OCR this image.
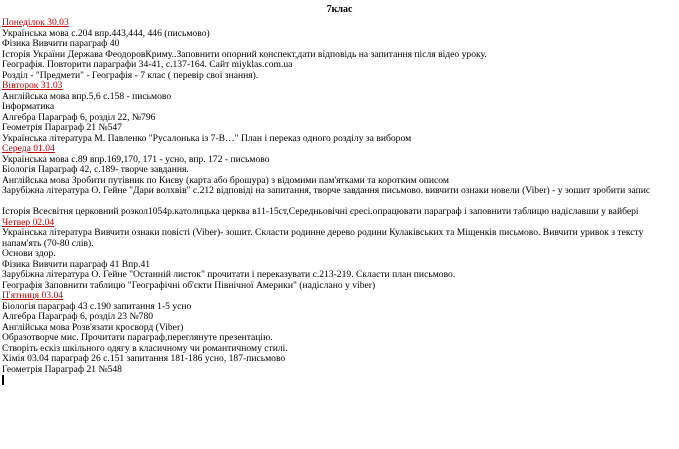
7клас
Понеділок 30.03
Українська мова с.204 впр.443,444, 446 (письмово)
Фізика Вивчити параграф 40
Історія України Держава ФеодоровКриму..Заповнити опорний конспект,дати відповідь на запитання після відео уроку.
Географія. Повторити параграфи 34-41, с.137-164. Сайт miyklas.com.ua
Розділ - "Предмети" - Географія - 7 клас ( перевір свої знання).
Вівторок 31.03
Англійська мова впр.5,6 с.158 - письмово
Інформатика
Алгебра Параграф 6, розділ 22, №796
Геометрія Параграф 21 №547
Українська література М. Павленко "Русалонька із 7-В…" План і переказ одного розділу за вибором
Середа 01.04
Українська мова с.89 впр.169,170, 171 - усно, впр. 172 - письмово
Біологія Параграф 42, с.189- творче завдання.
Англійська мова Зробити путівник по Києву (карта або брошура) з відомими пам'ятками та коротким описом
Зарубіжна література О. Гейне "Дари волхвів" с.212 відповіді на запитання, творче завдання письмово. вивчити ознаки новели (Viber) - у зошит зробити запис
Історія Всесвітня церковний розкол1054р.католицька церква в11-15ст,Середньовічні єресі.опрацювати параграф і заповнити таблицю надіславши у вайбері
Четвер 02.04
Українська література Вивчити ознаки повісті (Viber)- зошит. Скласти родинне дерево родини Кулаківських та Міщенків письмово. Вивчити уривок з тексту напам'ять (70-80 слів).
Основи здор.
Фізика Вивчити параграф 41 Впр.41
Зарубіжна література О. Гейне "Останній листок" прочитати і переказувати с.213-219. Скласти план письмово.
Географія Заповнити таблицю "Географічні об'єкти Північної Америки" (надіслано у viber)
П'ятниця 03.04
Біологія параграф 43 с.190 запитання 1-5 усно
Алгебра Параграф 6, розділ 23 №780
Англійська мова Розв'язати кросворд (Viber)
Образотворче мис. Прочитати параграф,переглянуте презентацію.
Створіть ескіз шкільного одягу в класичному чи романтичному стилі.
Хімія 03.04 параграф 26 с.151 запитання 181-186 усно, 187-письмово
Геометрія Параграф 21 №548
